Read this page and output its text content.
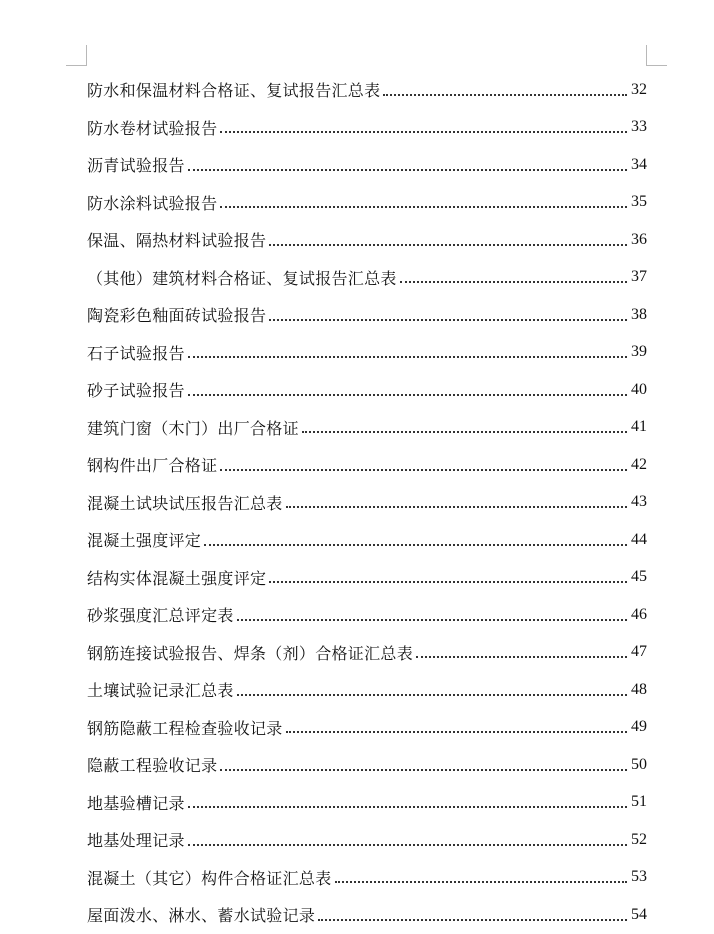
防水和保温材料合格证、复试报告汇总表	32
防水卷材试验报告	33
沥青试验报告	34
防水涂料试验报告	35
保温、隔热材料试验报告	36
（其他）建筑材料合格证、复试报告汇总表	37
陶瓷彩色釉面砖试验报告	38
石子试验报告	39
砂子试验报告	40
建筑门窗（木门）出厂合格证	41
钢构件出厂合格证	42
混凝土试块试压报告汇总表	43
混凝土强度评定	44
结构实体混凝土强度评定	45
砂浆强度汇总评定表	46
钢筋连接试验报告、焊条（剂）合格证汇总表	47
土壤试验记录汇总表	48
钢筋隐蔽工程检查验收记录	49
隐蔽工程验收记录	50
地基验槽记录	51
地基处理记录	52
混凝土（其它）构件合格证汇总表	53
屋面泼水、淋水、蓄水试验记录	54
